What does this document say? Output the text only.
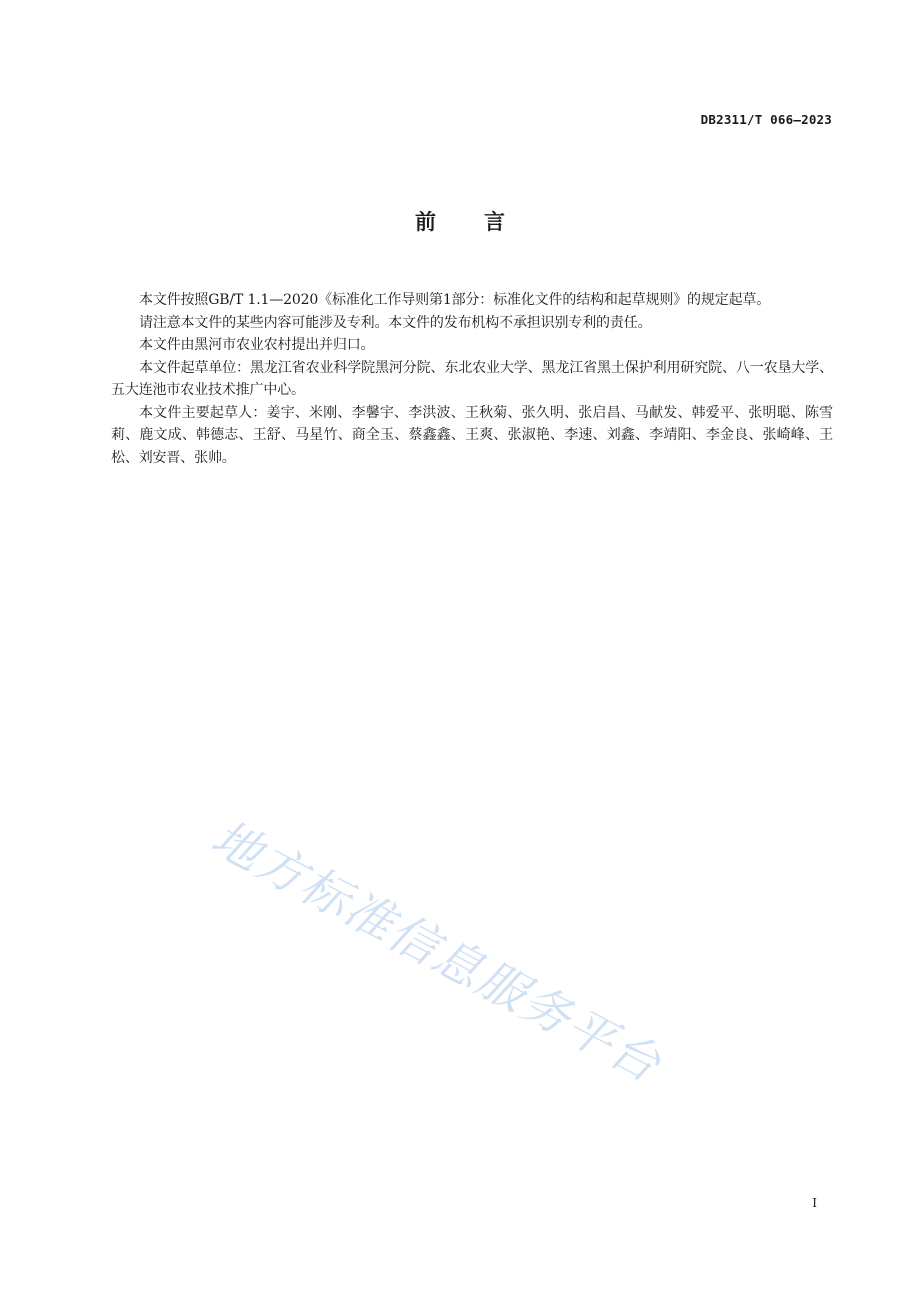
DB2311/T 066—2023
前言

本文件按照GB/T 1.1—2020《标准化工作导则第1部分：标准化文件的结构和起草规则》的规定起草。

请注意本文件的某些内容可能涉及专利。本文件的发布机构不承担识别专利的责任。

本文件由黑河市农业农村提出并归口。

本文件起草单位：黑龙江省农业科学院黑河分院、东北农业大学、黑龙江省黑土保护利用研究院、八一农垦大学、五大连池市农业技术推广中心。

本文件主要起草人：姜宇、米刚、李馨宇、李洪波、王秋菊、张久明、张启昌、马献发、韩爱平、张明聪、陈雪莉、鹿文成、韩德志、王舒、马星竹、商全玉、蔡鑫鑫、王爽、张淑艳、李速、刘鑫、李靖阳、李金良、张崎峰、王松、刘安晋、张帅。

地方标准信息服务平台
I
